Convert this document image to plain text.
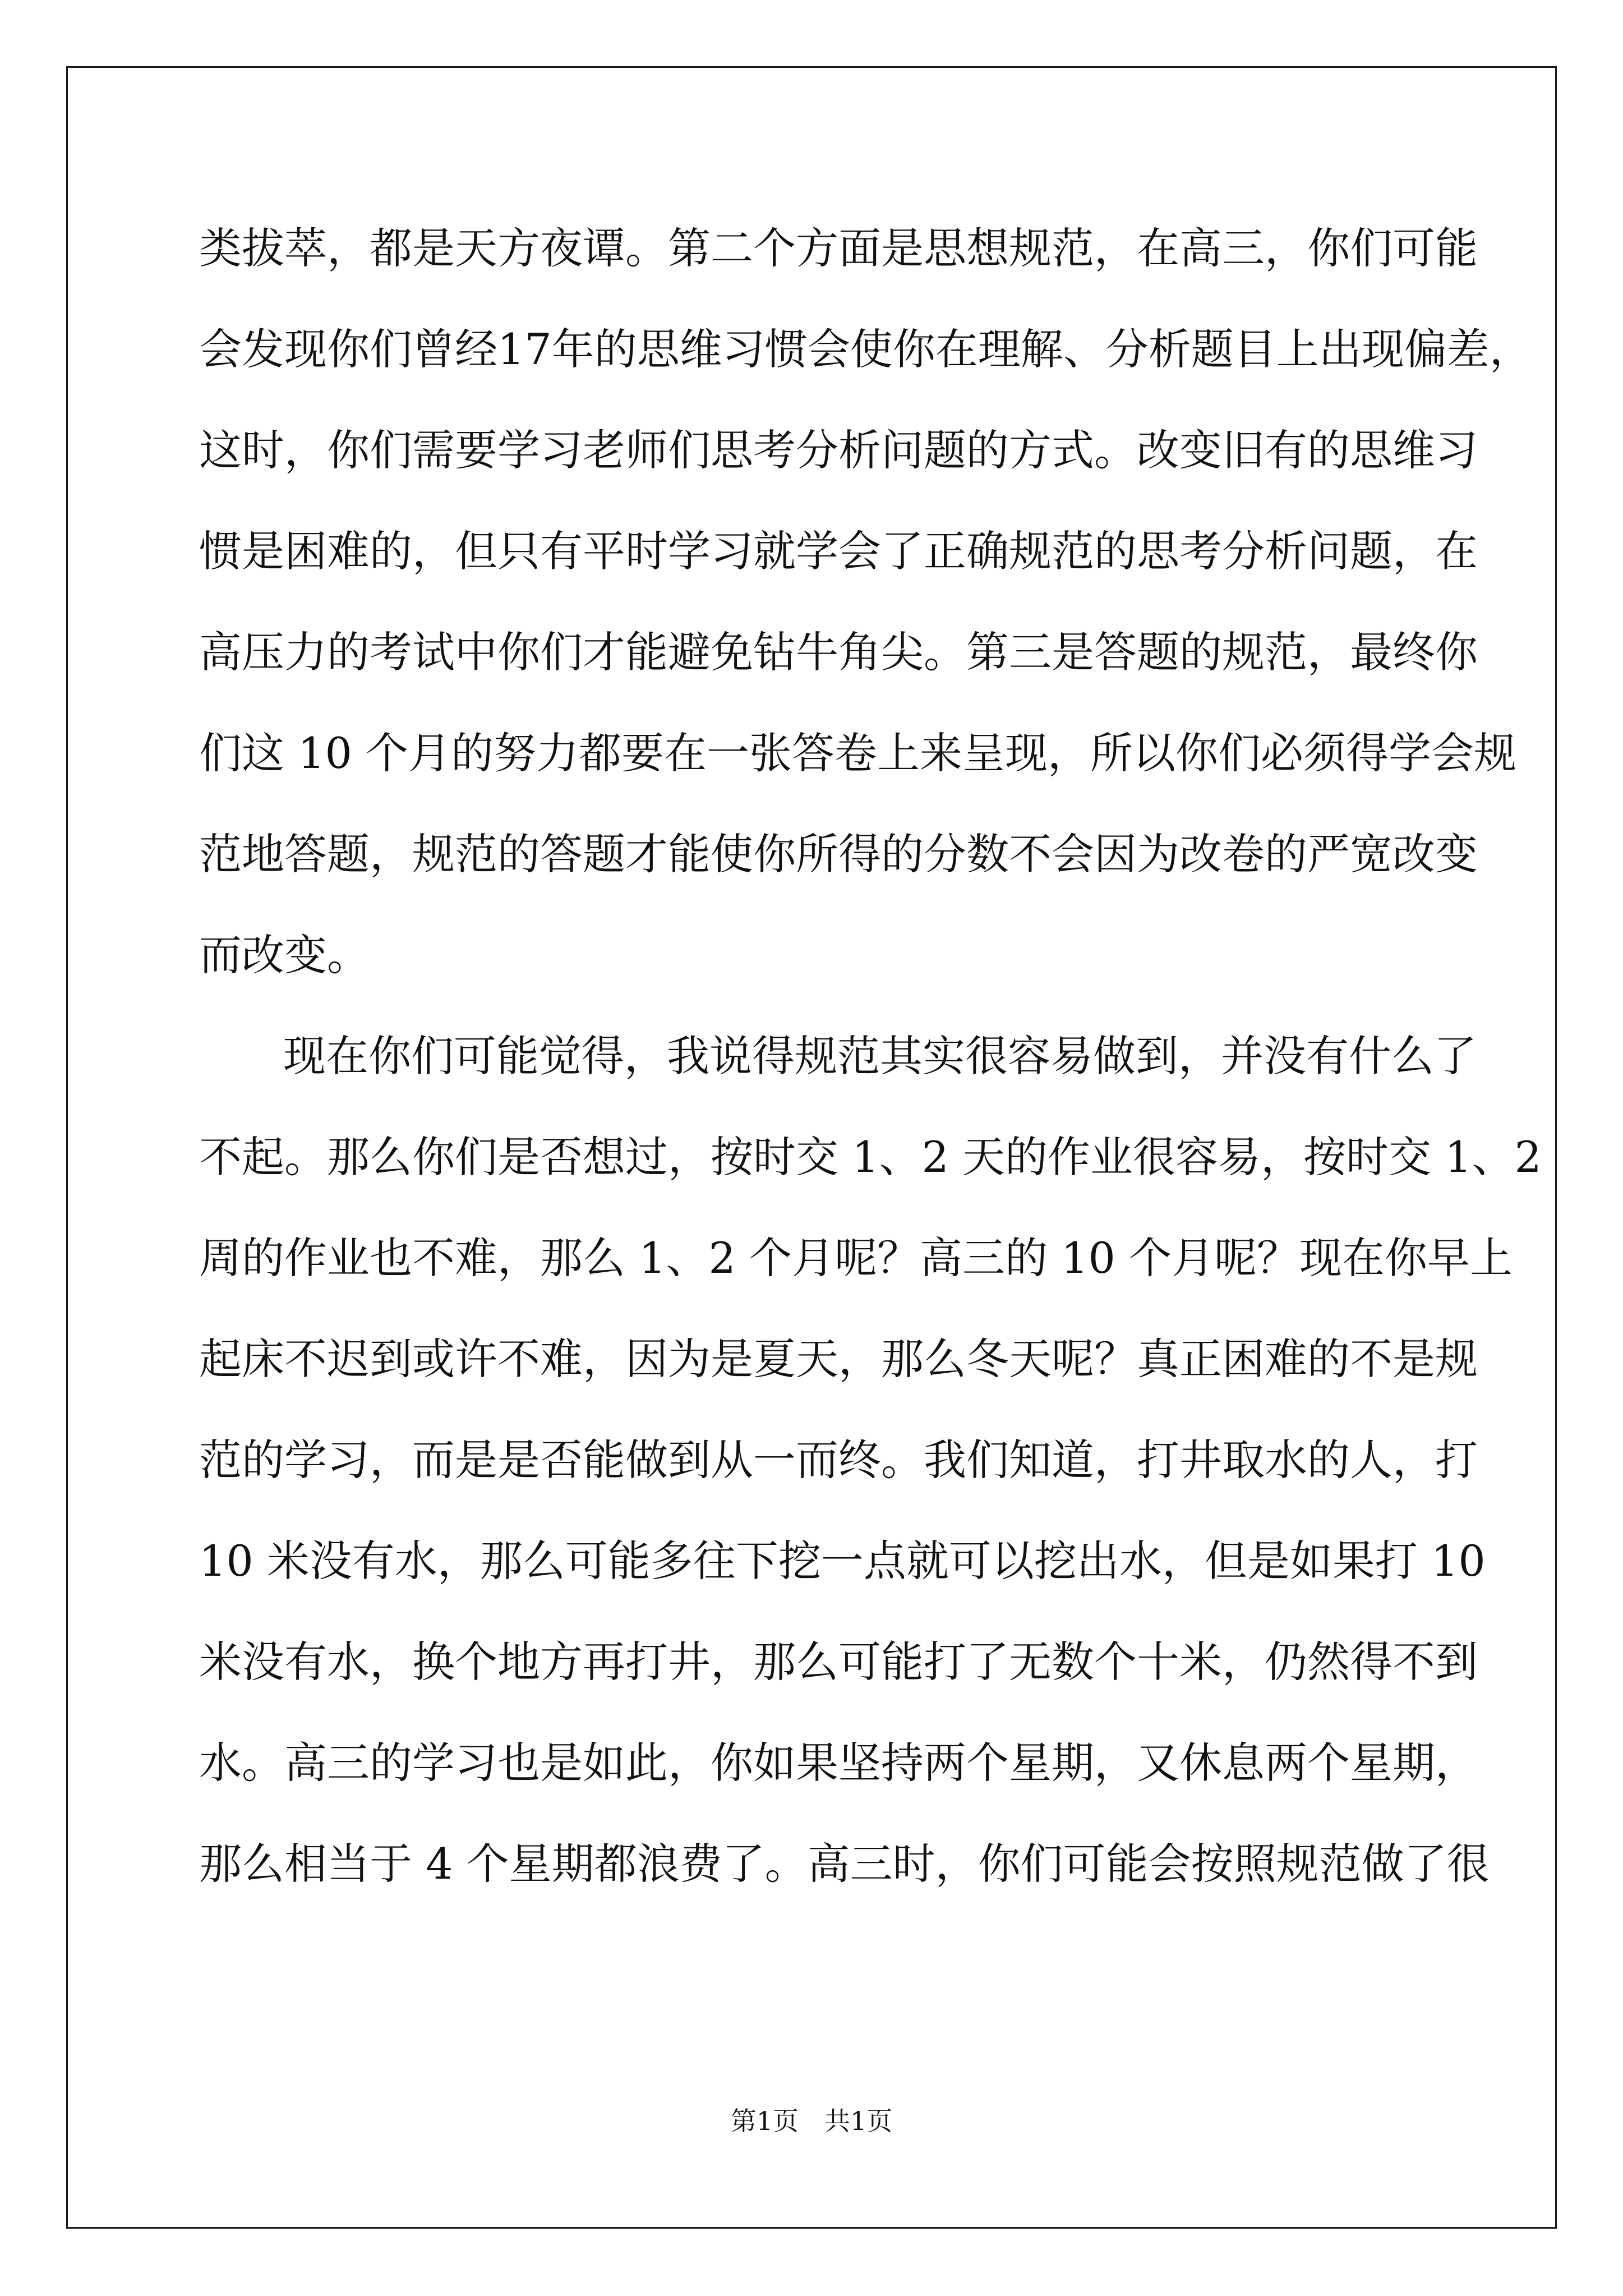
类拔萃，都是天方夜谭。第二个方面是思想规范，在高三，你们可能

会发现你们曾经17年的思维习惯会使你在理解、分析题目上出现偏差，

这时，你们需要学习老师们思考分析问题的方式。改变旧有的思维习

惯是困难的，但只有平时学习就学会了正确规范的思考分析问题，在

高压力的考试中你们才能避免钻牛角尖。第三是答题的规范，最终你

们这 10 个月的努力都要在一张答卷上来呈现，所以你们必须得学会规

范地答题，规范的答题才能使你所得的分数不会因为改卷的严宽改变

而改变。

现在你们可能觉得，我说得规范其实很容易做到，并没有什么了

不起。那么你们是否想过，按时交 1、2 天的作业很容易，按时交 1、2

周的作业也不难，那么 1、2 个月呢？高三的 10 个月呢？现在你早上

起床不迟到或许不难，因为是夏天，那么冬天呢？真正困难的不是规

范的学习，而是是否能做到从一而终。我们知道，打井取水的人，打

10 米没有水，那么可能多往下挖一点就可以挖出水，但是如果打 10

米没有水，换个地方再打井，那么可能打了无数个十米，仍然得不到

水。高三的学习也是如此，你如果坚持两个星期，又休息两个星期，

那么相当于 4 个星期都浪费了。高三时，你们可能会按照规范做了很

第1页　共1页
